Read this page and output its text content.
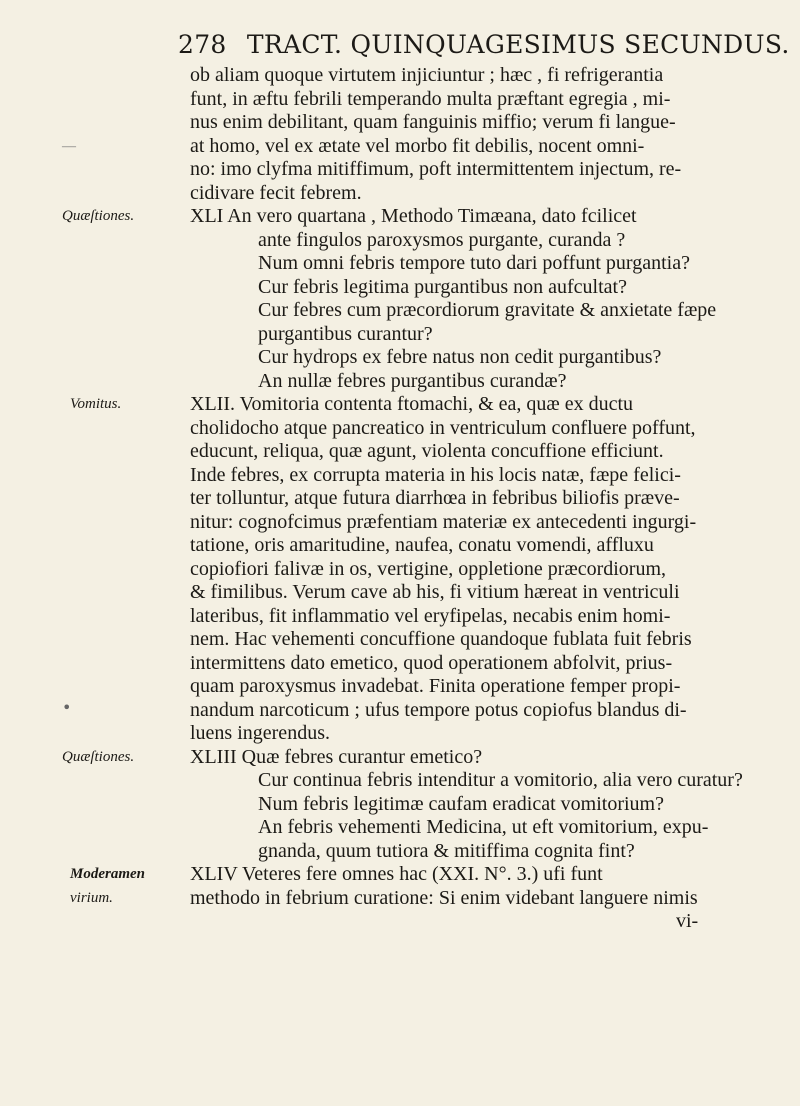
278 TRACT. QUINQUAGESIMUS SECUNDUS.
ob aliam quoque virtutem injiciuntur ; hæc , fi refrigerantia
funt, in æftu febrili temperando multa præftant egregia , mi-
nus enim debilitant, quam fanguinis miffio; verum fi langue-
—	at homo, vel ex ætate vel morbo fit debilis, nocent omni-
no: imo clyfma mitiffimum, poft intermittentem injectum, re-
cidivare fecit febrem.
Quæſtiones.	XLI An vero quartana , Methodo Timæana, dato fcilicet
ante fingulos paroxysmos purgante, curanda ?
Num omni febris tempore tuto dari poffunt purgantia?
Cur febris legitima purgantibus non aufcultat?
Cur febres cum præcordiorum gravitate & anxietate fæpe
purgantibus curantur?
Cur hydrops ex febre natus non cedit purgantibus?
An nullæ febres purgantibus curandæ?
Vomitus.	XLII. Vomitoria contenta ftomachi, & ea, quæ ex ductu
cholidocho atque pancreatico in ventriculum confluere poffunt,
educunt, reliqua, quæ agunt, violenta concuffione efficiunt.
Inde febres, ex corrupta materia in his locis natæ, fæpe felici-
ter tolluntur, atque futura diarrhœa in febribus biliofis præve-
nitur: cognofcimus præfentiam materiæ ex antecedenti ingurgi-
tatione, oris amaritudine, naufea, conatu vomendi, affluxu
copiofiori falivæ in os, vertigine, oppletione præcordiorum,
& fimilibus. Verum cave ab his, fi vitium hæreat in ventriculi
lateribus, fit inflammatio vel eryfipelas, necabis enim homi-
nem. Hac vehementi concuffione quandoque fublata fuit febris
intermittens dato emetico, quod operationem abfolvit, prius-
quam paroxysmus invadebat. Finita operatione femper propi-
nandum narcoticum ; ufus tempore potus copiofus blandus di-
luens ingerendus.
Quæſtiones.	XLIII Quæ febres curantur emetico?
Cur continua febris intenditur a vomitorio, alia vero curatur?
Num febris legitimæ caufam eradicat vomitorium?
An febris vehementi Medicina, ut eft vomitorium, expu-
gnanda, quum tutiora & mitiffima cognita fint?
Moderamen XLIV Veteres fere omnes hac (XXI. N°. 3.) ufi funt
virium.	methodo in febrium curatione: Si enim videbant languere nimis
vi-
•
